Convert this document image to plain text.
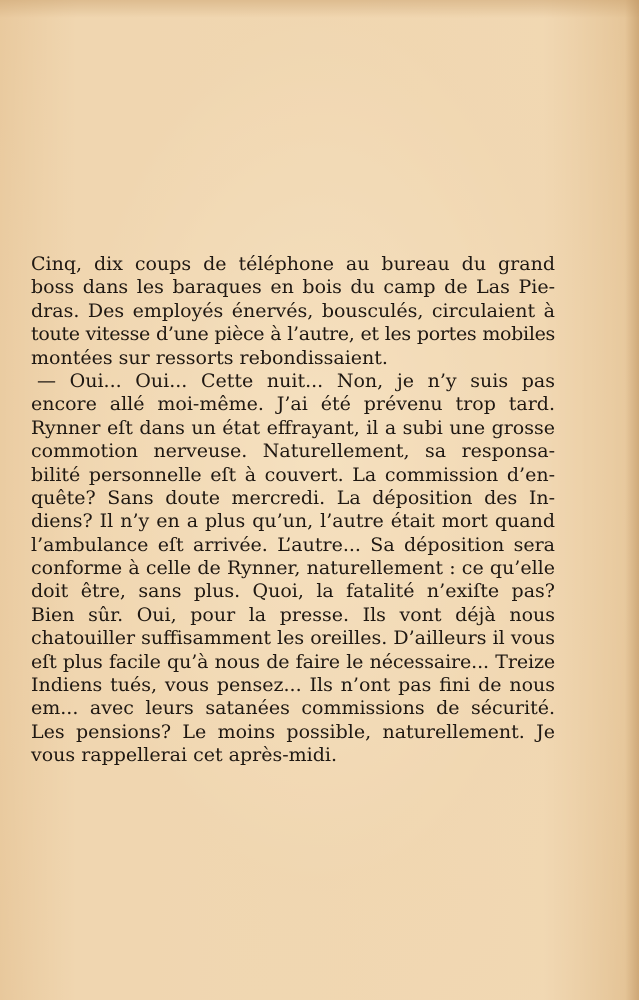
Cinq, dix coups de téléphone au bureau du grand
boss dans les baraques en bois du camp de Las Pie-
dras. Des employés énervés, bousculés, circulaient à
toute vitesse d’une pièce à l’autre, et les portes mobiles
montées sur ressorts rebondissaient.
— Oui... Oui... Cette nuit... Non, je n’y suis pas
encore allé moi-même. J’ai été prévenu trop tard.
Rynner eſt dans un état effrayant, il a subi une grosse
commotion nerveuse. Naturellement, sa responsa-
bilité personnelle eſt à couvert. La commission d’en-
quête? Sans doute mercredi. La déposition des In-
diens? Il n’y en a plus qu’un, l’autre était mort quand
l’ambulance eſt arrivée. L’autre... Sa déposition sera
conforme à celle de Rynner, naturellement : ce qu’elle
doit être, sans plus. Quoi, la fatalité n’exiſte pas?
Bien sûr. Oui, pour la presse. Ils vont déjà nous
chatouiller suffisamment les oreilles. D’ailleurs il vous
eſt plus facile qu’à nous de faire le nécessaire... Treize
Indiens tués, vous pensez... Ils n’ont pas fini de nous
em... avec leurs satanées commissions de sécurité.
Les pensions? Le moins possible, naturellement. Je
vous rappellerai cet après-midi.
